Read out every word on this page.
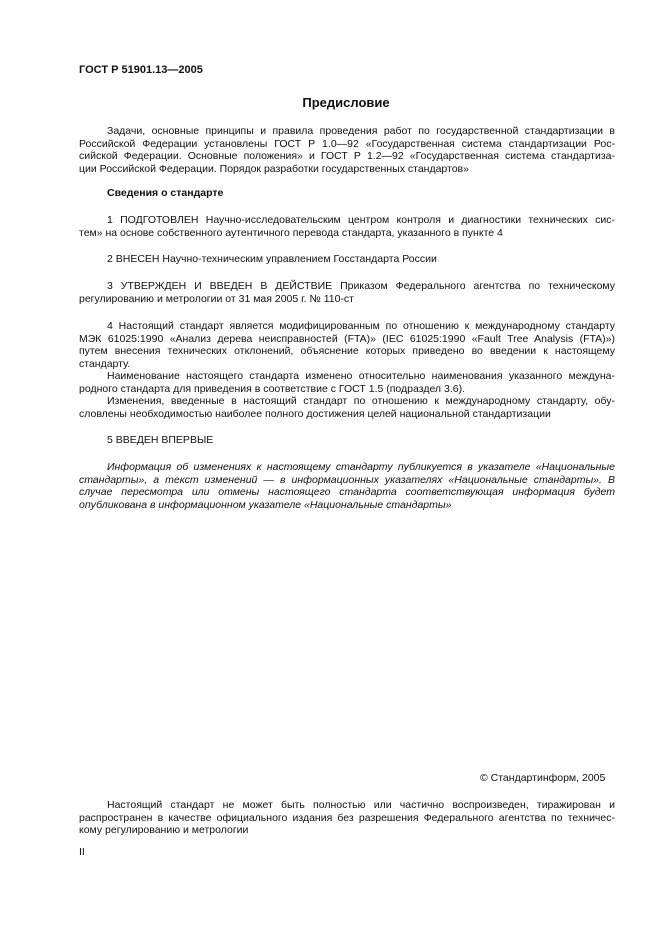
ГОСТ Р 51901.13—2005
Предисловие
Задачи, основные принципы и правила проведения работ по государственной стандартизации в
Российской Федерации установлены ГОСТ Р 1.0—92 «Государственная система стандартизации Рос-
сийской Федерации. Основные положения» и ГОСТ Р 1.2—92 «Государственная система стандартиза-
ции Российской Федерации. Порядок разработки государственных стандартов»
Сведения о стандарте
1 ПОДГОТОВЛЕН Научно-исследовательским центром контроля и диагностики технических сис-
тем» на основе собственного аутентичного перевода стандарта, указанного в пункте 4
2 ВНЕСЕН Научно-техническим управлением Госстандарта России
3 УТВЕРЖДЕН И ВВЕДЕН В ДЕЙСТВИЕ Приказом Федерального агентства по техническому
регулированию и метрологии от 31 мая 2005 г. № 110-ст
4 Настоящий стандарт является модифицированным по отношению к международному стандарту
МЭК 61025:1990 «Анализ дерева неисправностей (FTA)» (IEC 61025:1990 «Fault Tree Analysis (FTA)»)
путем внесения технических отклонений, объяснение которых приведено во введении к настоящему
стандарту.
Наименование настоящего стандарта изменено относительно наименования указанного междуна-
родного стандарта для приведения в соответствие с ГОСТ 1.5 (подраздел 3.6).
Изменения, введенные в настоящий стандарт по отношению к международному стандарту, обу-
словлены необходимостью наиболее полного достижения целей национальной стандартизации
5 ВВЕДЕН ВПЕРВЫЕ
Информация об изменениях к настоящему стандарту публикуется в указателе «Национальные
стандарты», а текст изменений — в информационных указателях «Национальные стандарты». В
случае пересмотра или отмены настоящего стандарта соответствующая информация будет
опубликована в информационном указателе «Национальные стандарты»
© Стандартинформ, 2005
Настоящий стандарт не может быть полностью или частично воспроизведен, тиражирован и
распространен в качестве официального издания без разрешения Федерального агентства по техничес-
кому регулированию и метрологии
II
